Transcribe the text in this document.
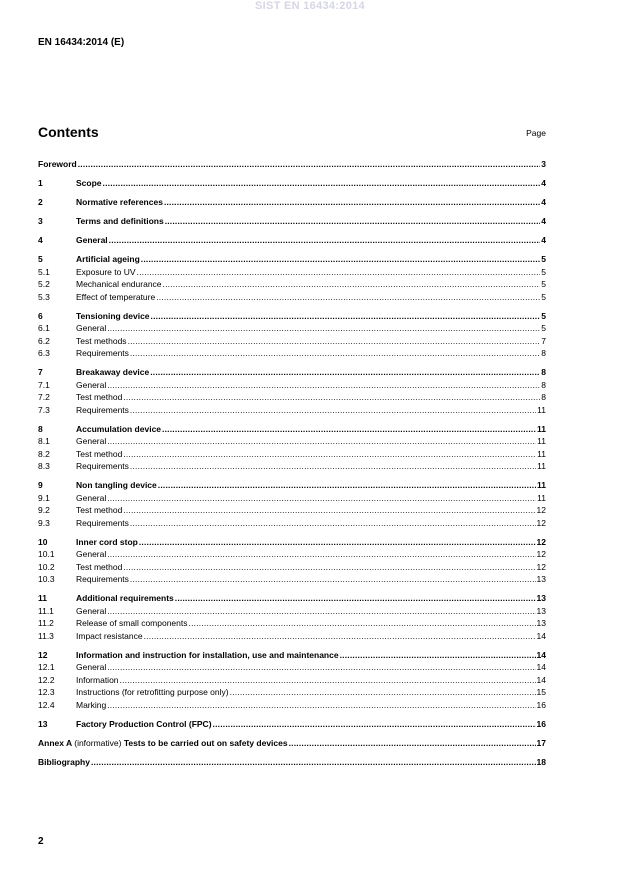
SIST EN 16434:2014
EN 16434:2014 (E)
Contents	Page
Foreword .....	3
1	Scope .....	4
2	Normative references .....	4
3	Terms and definitions .....	4
4	General .....	4
5	Artificial ageing .....	5
5.1	Exposure to UV .....	5
5.2	Mechanical endurance .....	5
5.3	Effect of temperature .....	5
6	Tensioning device .....	5
6.1	General .....	5
6.2	Test methods .....	7
6.3	Requirements .....	8
7	Breakaway device .....	8
7.1	General .....	8
7.2	Test method .....	8
7.3	Requirements .....	11
8	Accumulation device .....	11
8.1	General .....	11
8.2	Test method .....	11
8.3	Requirements .....	11
9	Non tangling device .....	11
9.1	General .....	11
9.2	Test method .....	12
9.3	Requirements .....	12
10	Inner cord stop .....	12
10.1	General .....	12
10.2	Test method .....	12
10.3	Requirements .....	13
11	Additional requirements .....	13
11.1	General .....	13
11.2	Release of small components .....	13
11.3	Impact resistance .....	14
12	Information and instruction for installation, use and maintenance .....	14
12.1	General .....	14
12.2	Information .....	14
12.3	Instructions (for retrofitting purpose only) .....	15
12.4	Marking .....	16
13	Factory Production Control (FPC) .....	16
Annex A (informative) Tests to be carried out on safety devices .....	17
Bibliography .....	18
2
